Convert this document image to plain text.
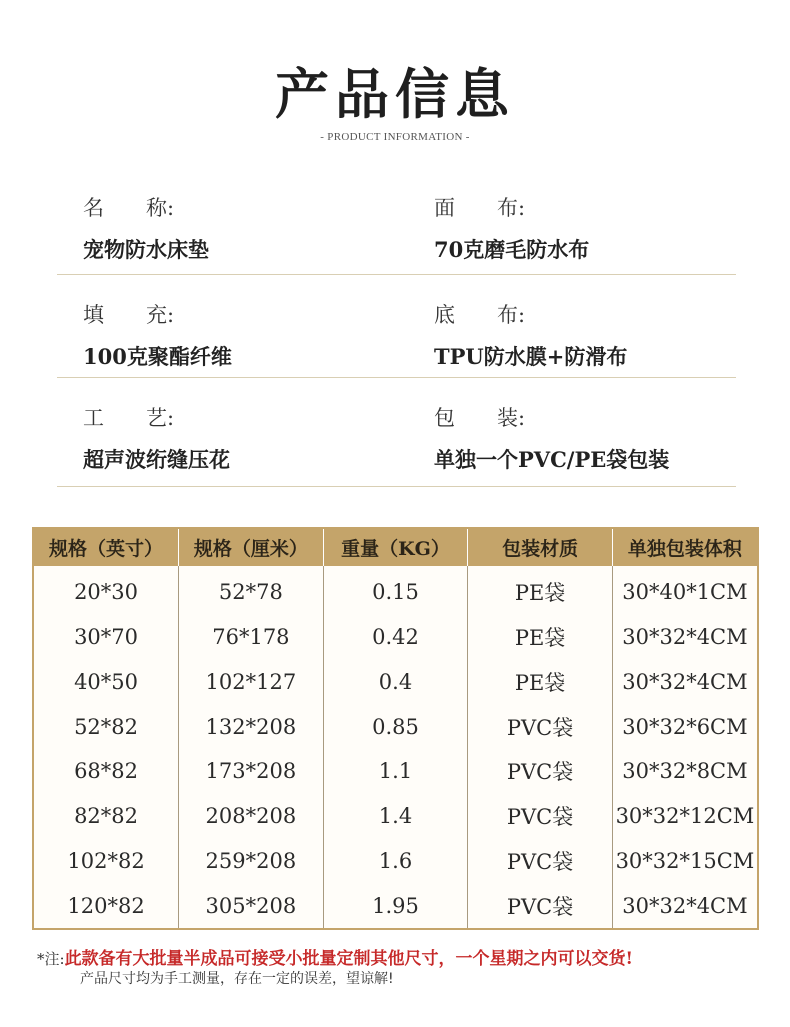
产品信息
- PRODUCT INFORMATION -
名　　称:
宠物防水床垫
面　　布:
70克磨毛防水布
填　　充:
100克聚酯纤维
底　　布:
TPU防水膜+防滑布
工　　艺:
超声波绗缝压花
包　　装:
单独一个PVC/PE袋包装
规格（英寸）	规格（厘米）	重量（KG）	包装材质	单独包装体积
20*30	52*78	0.15	PE袋	30*40*1CM
30*70	76*178	0.42	PE袋	30*32*4CM
40*50	102*127	0.4	PE袋	30*32*4CM
52*82	132*208	0.85	PVC袋	30*32*6CM
68*82	173*208	1.1	PVC袋	30*32*8CM
82*82	208*208	1.4	PVC袋	30*32*12CM
102*82	259*208	1.6	PVC袋	30*32*15CM
120*82	305*208	1.95	PVC袋	30*32*4CM
*注:此款备有大批量半成品可接受小批量定制其他尺寸，一个星期之内可以交货!
产品尺寸均为手工测量，存在一定的误差，望谅解!
